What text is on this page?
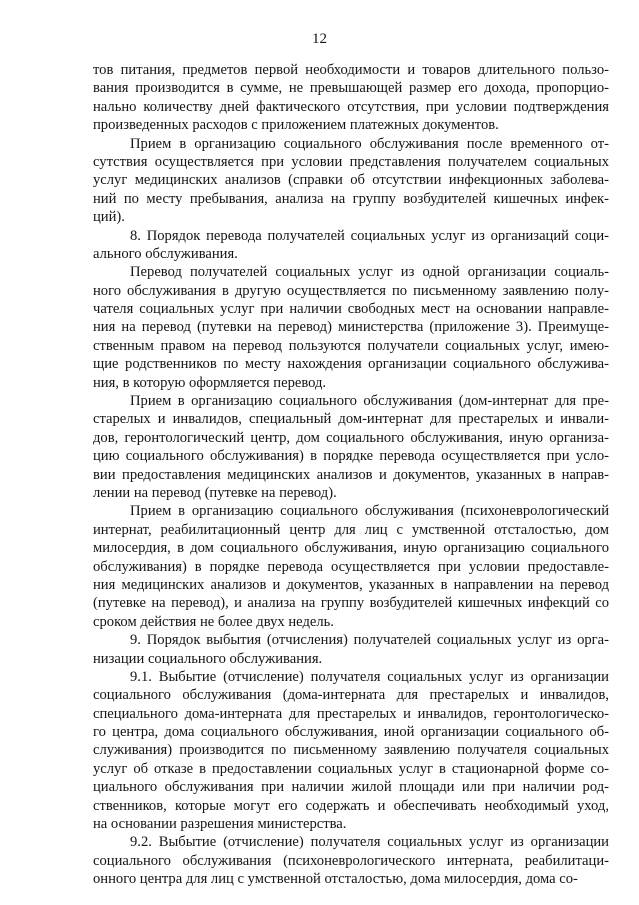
12
тов питания, предметов первой необходимости и товаров длительного пользо-
вания производится в сумме, не превышающей размер его дохода, пропорцио-
нально количеству дней фактического отсутствия, при условии подтверждения
произведенных расходов с приложением платежных документов.
Прием в организацию социального обслуживания после временного от-
сутствия осуществляется при условии представления получателем социальных
услуг медицинских анализов (справки об отсутствии инфекционных заболева-
ний по месту пребывания, анализа на группу возбудителей кишечных инфек-
ций).
8. Порядок перевода получателей социальных услуг из организаций соци-
ального обслуживания.
Перевод получателей социальных услуг из одной организации социаль-
ного обслуживания в другую осуществляется по письменному заявлению полу-
чателя социальных услуг при наличии свободных мест на основании направле-
ния на перевод (путевки на перевод) министерства (приложение 3). Преимуще-
ственным правом на перевод пользуются получатели социальных услуг, имею-
щие родственников по месту нахождения организации социального обслужива-
ния, в которую оформляется перевод.
Прием в организацию социального обслуживания (дом-интернат для пре-
старелых и инвалидов, специальный дом-интернат для престарелых и инвали-
дов, геронтологический центр, дом социального обслуживания, иную организа-
цию социального обслуживания) в порядке перевода осуществляется при усло-
вии предоставления медицинских анализов и документов, указанных в направ-
лении на перевод (путевке на перевод).
Прием в организацию социального обслуживания (психоневрологический
интернат, реабилитационный центр для лиц с умственной отсталостью, дом
милосердия, в дом социального обслуживания, иную организацию социального
обслуживания) в порядке перевода осуществляется при условии предоставле-
ния медицинских анализов и документов, указанных в направлении на перевод
(путевке на перевод), и анализа на группу возбудителей кишечных инфекций со
сроком действия не более двух недель.
9. Порядок выбытия (отчисления) получателей социальных услуг из орга-
низации социального обслуживания.
9.1. Выбытие (отчисление) получателя социальных услуг из организации
социального обслуживания (дома-интерната для престарелых и инвалидов,
специального дома-интерната для престарелых и инвалидов, геронтологическо-
го центра, дома социального обслуживания, иной организации социального об-
служивания) производится по письменному заявлению получателя социальных
услуг об отказе в предоставлении социальных услуг в стационарной форме со-
циального обслуживания при наличии жилой площади или при наличии род-
ственников, которые могут его содержать и обеспечивать необходимый уход,
на основании разрешения министерства.
9.2. Выбытие (отчисление) получателя социальных услуг из организации
социального обслуживания (психоневрологического интерната, реабилитаци-
онного центра для лиц с умственной отсталостью, дома милосердия, дома со-
